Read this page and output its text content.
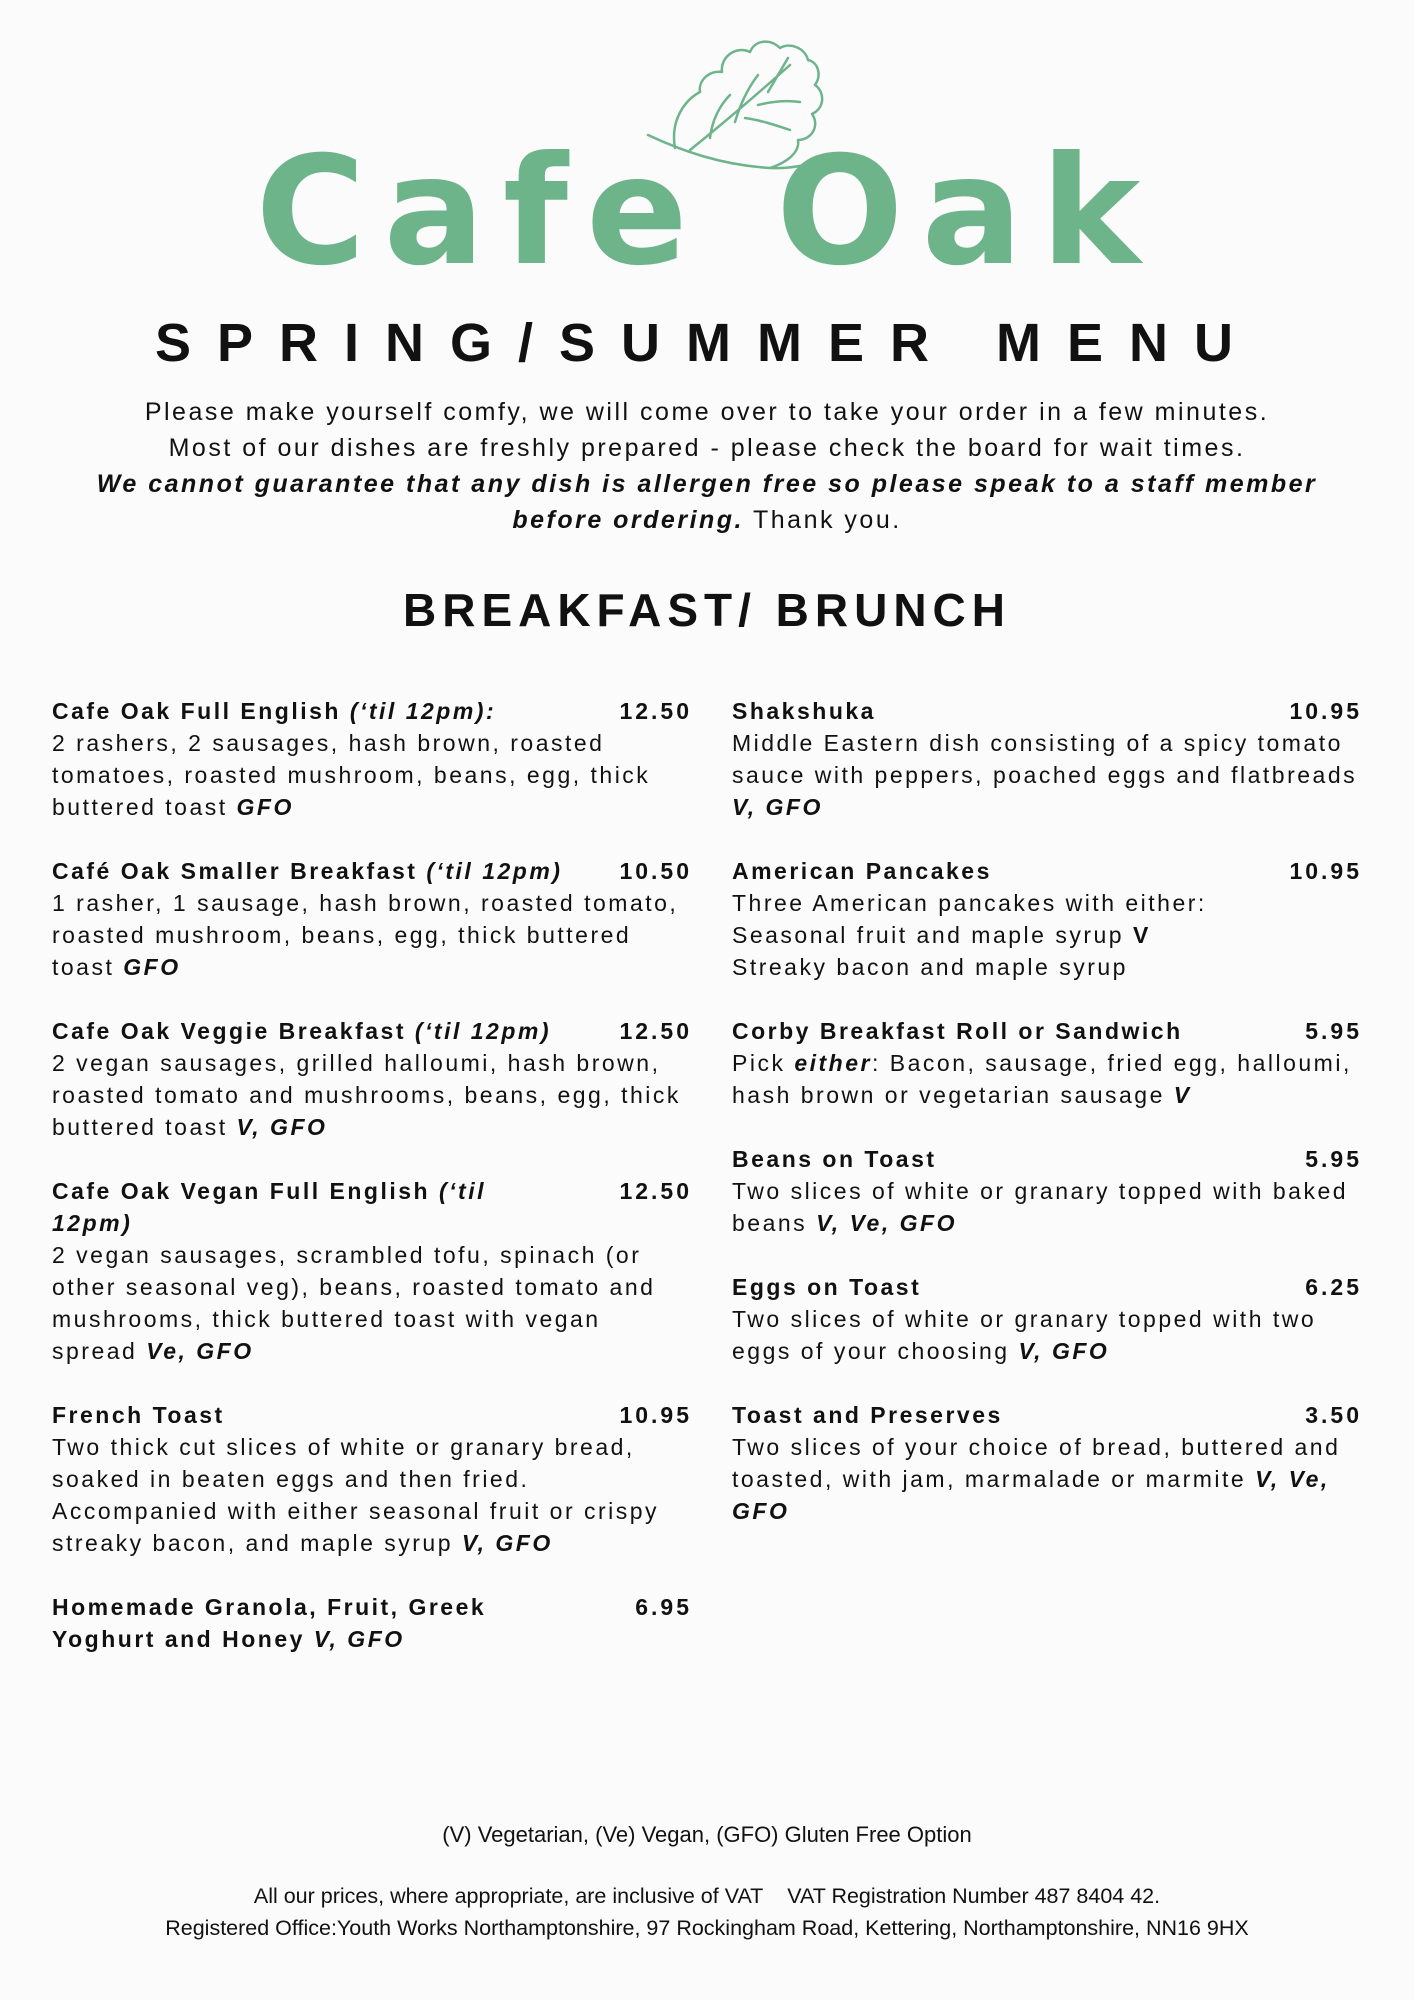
Cafe Oak
SPRING/SUMMER MENU
Please make yourself comfy, we will come over to take your order in a few minutes.
Most of our dishes are freshly prepared - please check the board for wait times.
We cannot guarantee that any dish is allergen free so please speak to a staff member before ordering. Thank you.
BREAKFAST/ BRUNCH
Cafe Oak Full English (‘til 12pm):	12.50
2 rashers, 2 sausages, hash brown, roasted tomatoes, roasted mushroom, beans, egg, thick buttered toast GFO
Café Oak Smaller Breakfast (‘til 12pm) 10.50
1 rasher, 1 sausage, hash brown, roasted tomato, roasted mushroom, beans, egg, thick buttered toast GFO
Cafe Oak Veggie Breakfast (‘til 12pm)	12.50
2 vegan sausages, grilled halloumi, hash brown, roasted tomato and mushrooms, beans, egg, thick buttered toast V, GFO
Cafe Oak Vegan Full English (‘til 12pm)
12.50
2 vegan sausages, scrambled tofu, spinach (or other seasonal veg), beans, roasted tomato and mushrooms, thick buttered toast with vegan spread Ve, GFO
French Toast	10.95
Two thick cut slices of white or granary bread, soaked in beaten eggs and then fried. Accompanied with either seasonal fruit or crispy streaky bacon, and maple syrup V, GFO
Homemade Granola, Fruit, Greek Yoghurt and Honey V, GFO
6.95
Shakshuka	10.95
Middle Eastern dish consisting of a spicy tomato sauce with peppers, poached eggs and flatbreads V, GFO
American Pancakes	10.95
Three American pancakes with either:
Seasonal fruit and maple syrup V
Streaky bacon and maple syrup
Corby Breakfast Roll or Sandwich	5.95
Pick either: Bacon, sausage, fried egg, halloumi, hash brown or vegetarian sausage V
Beans on Toast	5.95
Two slices of white or granary topped with baked beans V, Ve, GFO
Eggs on Toast	6.25
Two slices of white or granary topped with two eggs of your choosing V, GFO
Toast and Preserves	3.50
Two slices of your choice of bread, buttered and toasted, with jam, marmalade or marmite V, Ve, GFO
(V) Vegetarian, (Ve) Vegan, (GFO) Gluten Free Option
All our prices, where appropriate, are inclusive of VAT VAT Registration Number 487 8404 42.
Registered Office:Youth Works Northamptonshire, 97 Rockingham Road, Kettering, Northamptonshire, NN16 9HX
